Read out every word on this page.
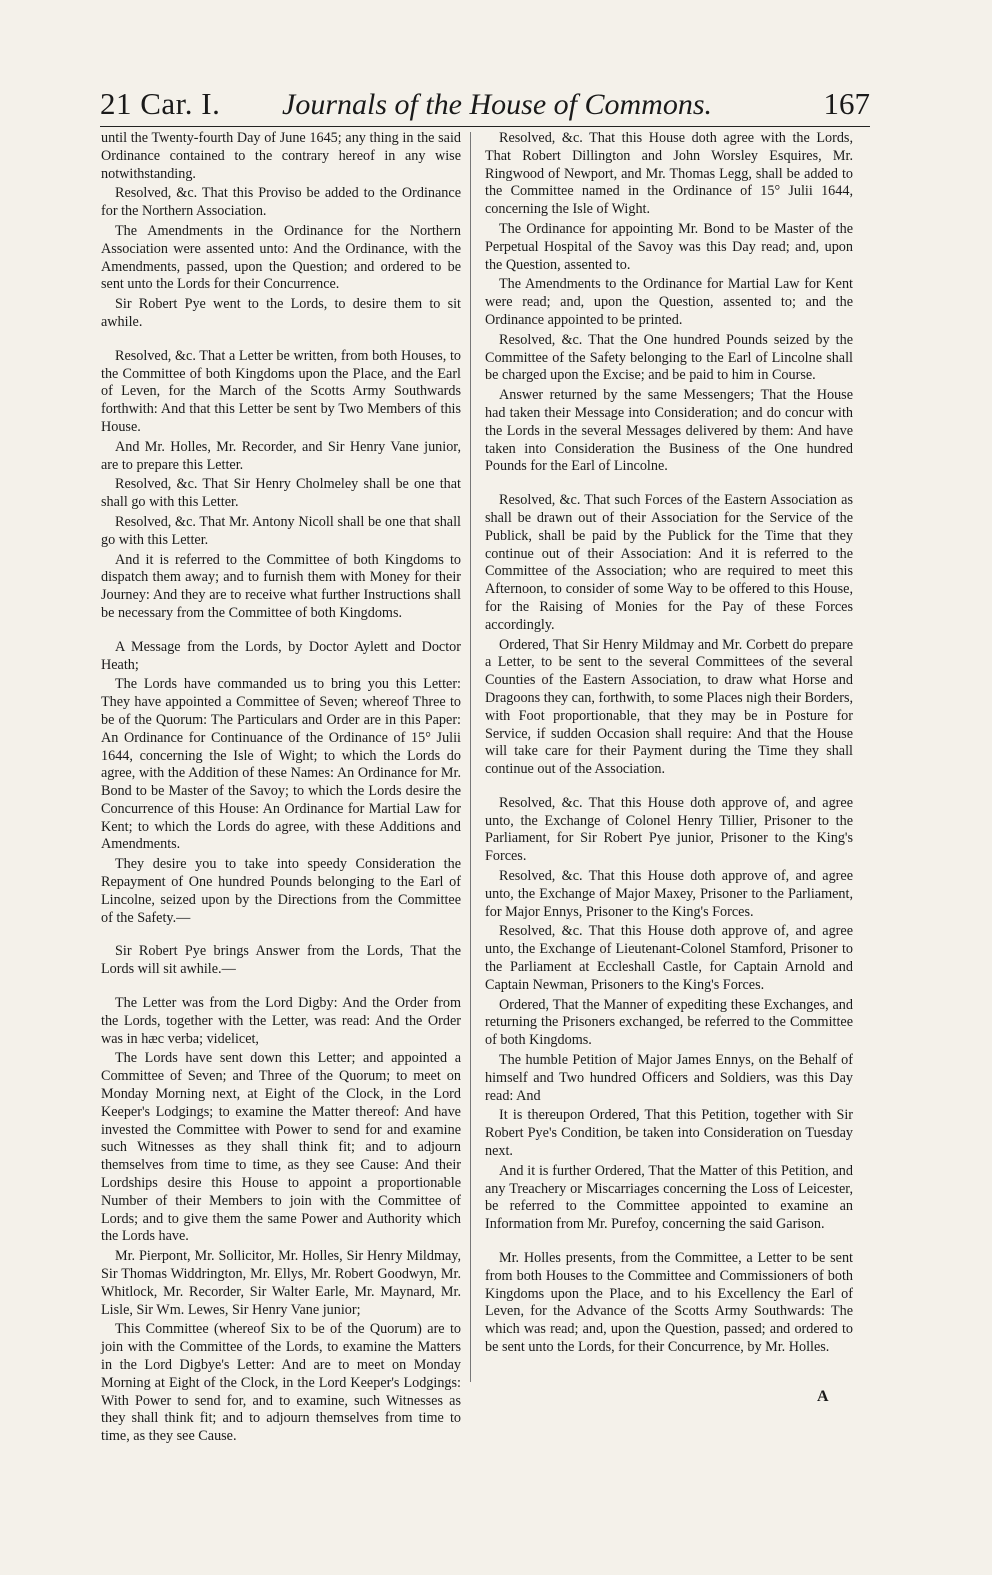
21 Car. I. Journals of the House of Commons.	167

until the Twenty-fourth Day of June 1645; any thing in the said Ordinance contained to the contrary hereof in any wise notwithstanding.

Resolved, &c. That this Proviso be added to the Ordinance for the Northern Association.

The Amendments in the Ordinance for the Northern Association were assented unto: And the Ordinance, with the Amendments, passed, upon the Question; and ordered to be sent unto the Lords for their Concurrence.

Sir Robert Pye went to the Lords, to desire them to sit awhile.

Resolved, &c. That a Letter be written, from both Houses, to the Committee of both Kingdoms upon the Place, and the Earl of Leven, for the March of the Scotts Army Southwards forthwith: And that this Letter be sent by Two Members of this House.

And Mr. Holles, Mr. Recorder, and Sir Henry Vane junior, are to prepare this Letter.

Resolved, &c. That Sir Henry Cholmeley shall be one that shall go with this Letter.

Resolved, &c. That Mr. Antony Nicoll shall be one that shall go with this Letter.

And it is referred to the Committee of both Kingdoms to dispatch them away; and to furnish them with Money for their Journey: And they are to receive what further Instructions shall be necessary from the Committee of both Kingdoms.

A Message from the Lords, by Doctor Aylett and Doctor Heath;

The Lords have commanded us to bring you this Letter: They have appointed a Committee of Seven; whereof Three to be of the Quorum: The Particulars and Order are in this Paper: An Ordinance for Continuance of the Ordinance of 15° Julii 1644, concerning the Isle of Wight; to which the Lords do agree, with the Addition of these Names: An Ordinance for Mr. Bond to be Master of the Savoy; to which the Lords desire the Concurrence of this House: An Ordinance for Martial Law for Kent; to which the Lords do agree, with these Additions and Amendments.

They desire you to take into speedy Consideration the Repayment of One hundred Pounds belonging to the Earl of Lincolne, seized upon by the Directions from the Committee of the Safety.—

Sir Robert Pye brings Answer from the Lords, That the Lords will sit awhile.—

The Letter was from the Lord Digby: And the Order from the Lords, together with the Letter, was read: And the Order was in hæc verba; videlicet,

The Lords have sent down this Letter; and appointed a Committee of Seven; and Three of the Quorum; to meet on Monday Morning next, at Eight of the Clock, in the Lord Keeper's Lodgings; to examine the Matter thereof: And have invested the Committee with Power to send for and examine such Witnesses as they shall think fit; and to adjourn themselves from time to time, as they see Cause: And their Lordships desire this House to appoint a proportionable Number of their Members to join with the Committee of Lords; and to give them the same Power and Authority which the Lords have.

Mr. Pierpont, Mr. Sollicitor, Mr. Holles, Sir Henry Mildmay, Sir Thomas Widdrington, Mr. Ellys, Mr. Robert Goodwyn, Mr. Whitlock, Mr. Recorder, Sir Walter Earle, Mr. Maynard, Mr. Lisle, Sir Wm. Lewes, Sir Henry Vane junior;

This Committee (whereof Six to be of the Quorum) are to join with the Committee of the Lords, to examine the Matters in the Lord Digbye's Letter: And are to meet on Monday Morning at Eight of the Clock, in the Lord Keeper's Lodgings: With Power to send for, and to examine, such Witnesses as they shall think fit; and to adjourn themselves from time to time, as they see Cause.

Resolved, &c. That this House doth agree with the Lords, That Robert Dillington and John Worsley Esquires, Mr. Ringwood of Newport, and Mr. Thomas Legg, shall be added to the Committee named in the Ordinance of 15° Julii 1644, concerning the Isle of Wight.

The Ordinance for appointing Mr. Bond to be Master of the Perpetual Hospital of the Savoy was this Day read; and, upon the Question, assented to.

The Amendments to the Ordinance for Martial Law for Kent were read; and, upon the Question, assented to; and the Ordinance appointed to be printed.

Resolved, &c. That the One hundred Pounds seized by the Committee of the Safety belonging to the Earl of Lincolne shall be charged upon the Excise; and be paid to him in Course.

Answer returned by the same Messengers; That the House had taken their Message into Consideration; and do concur with the Lords in the several Messages delivered by them: And have taken into Consideration the Business of the One hundred Pounds for the Earl of Lincolne.

Resolved, &c. That such Forces of the Eastern Association as shall be drawn out of their Association for the Service of the Publick, shall be paid by the Publick for the Time that they continue out of their Association: And it is referred to the Committee of the Association; who are required to meet this Afternoon, to consider of some Way to be offered to this House, for the Raising of Monies for the Pay of these Forces accordingly.

Ordered, That Sir Henry Mildmay and Mr. Corbett do prepare a Letter, to be sent to the several Committees of the several Counties of the Eastern Association, to draw what Horse and Dragoons they can, forthwith, to some Places nigh their Borders, with Foot proportionable, that they may be in Posture for Service, if sudden Occasion shall require: And that the House will take care for their Payment during the Time they shall continue out of the Association.

Resolved, &c. That this House doth approve of, and agree unto, the Exchange of Colonel Henry Tillier, Prisoner to the Parliament, for Sir Robert Pye junior, Prisoner to the King's Forces.

Resolved, &c. That this House doth approve of, and agree unto, the Exchange of Major Maxey, Prisoner to the Parliament, for Major Ennys, Prisoner to the King's Forces.

Resolved, &c. That this House doth approve of, and agree unto, the Exchange of Lieutenant-Colonel Stamford, Prisoner to the Parliament at Eccleshall Castle, for Captain Arnold and Captain Newman, Prisoners to the King's Forces.

Ordered, That the Manner of expediting these Exchanges, and returning the Prisoners exchanged, be referred to the Committee of both Kingdoms.

The humble Petition of Major James Ennys, on the Behalf of himself and Two hundred Officers and Soldiers, was this Day read: And

It is thereupon Ordered, That this Petition, together with Sir Robert Pye's Condition, be taken into Consideration on Tuesday next.

And it is further Ordered, That the Matter of this Petition, and any Treachery or Miscarriages concerning the Loss of Leicester, be referred to the Committee appointed to examine an Information from Mr. Purefoy, concerning the said Garison.

Mr. Holles presents, from the Committee, a Letter to be sent from both Houses to the Committee and Commissioners of both Kingdoms upon the Place, and to his Excellency the Earl of Leven, for the Advance of the Scotts Army Southwards: The which was read; and, upon the Question, passed; and ordered to be sent unto the Lords, for their Concurrence, by Mr. Holles.

A
